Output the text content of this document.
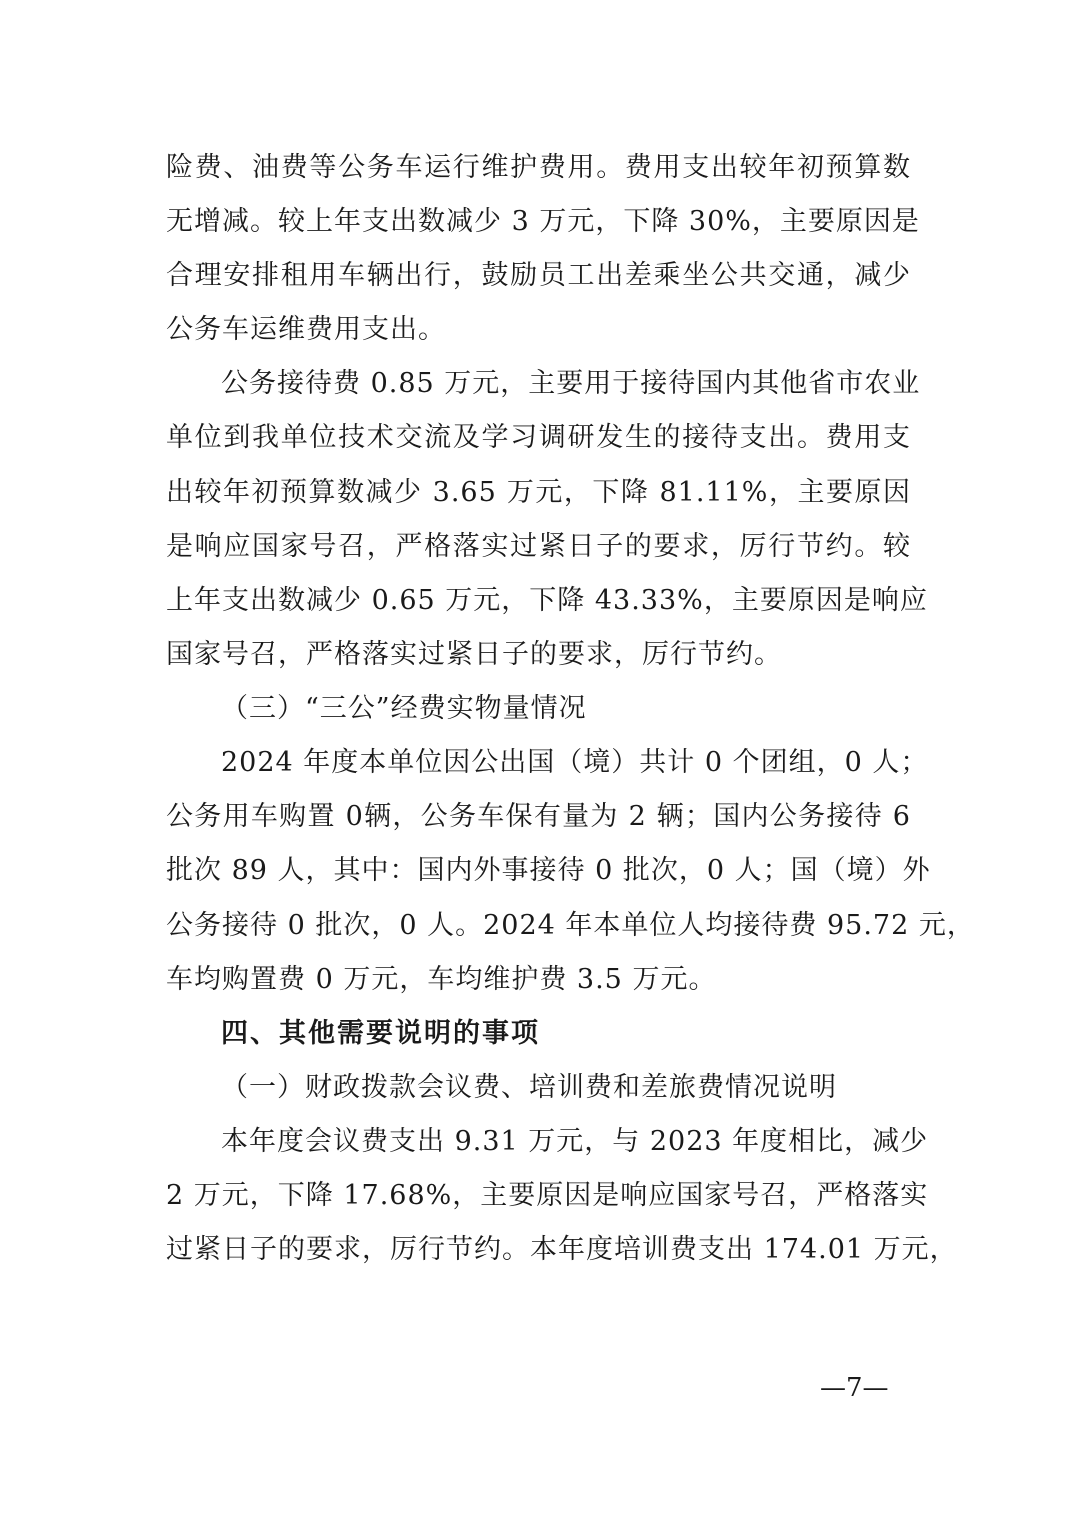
险费、油费等公务车运行维护费用。费用支出较年初预算数
无增减。较上年支出数减少 3 万元，下降 30%，主要原因是
合理安排租用车辆出行，鼓励员工出差乘坐公共交通，减少
公务车运维费用支出。
公务接待费 0.85 万元，主要用于接待国内其他省市农业
单位到我单位技术交流及学习调研发生的接待支出。费用支
出较年初预算数减少 3.65 万元，下降 81.11%，主要原因
是响应国家号召，严格落实过紧日子的要求，厉行节约。较
上年支出数减少 0.65 万元，下降 43.33%，主要原因是响应
国家号召，严格落实过紧日子的要求，厉行节约。
（三）“三公”经费实物量情况
2024 年度本单位因公出国（境）共计 0 个团组，0 人；
公务用车购置 0辆，公务车保有量为 2 辆；国内公务接待 6
批次 89 人，其中：国内外事接待 0 批次，0 人；国（境）外
公务接待 0 批次，0 人。2024 年本单位人均接待费 95.72 元，
车均购置费 0 万元，车均维护费 3.5 万元。
四、其他需要说明的事项
（一）财政拨款会议费、培训费和差旅费情况说明
本年度会议费支出 9.31 万元，与 2023 年度相比，减少
2 万元，下降 17.68%，主要原因是响应国家号召，严格落实
过紧日子的要求，厉行节约。本年度培训费支出 174.01 万元，
—7—
